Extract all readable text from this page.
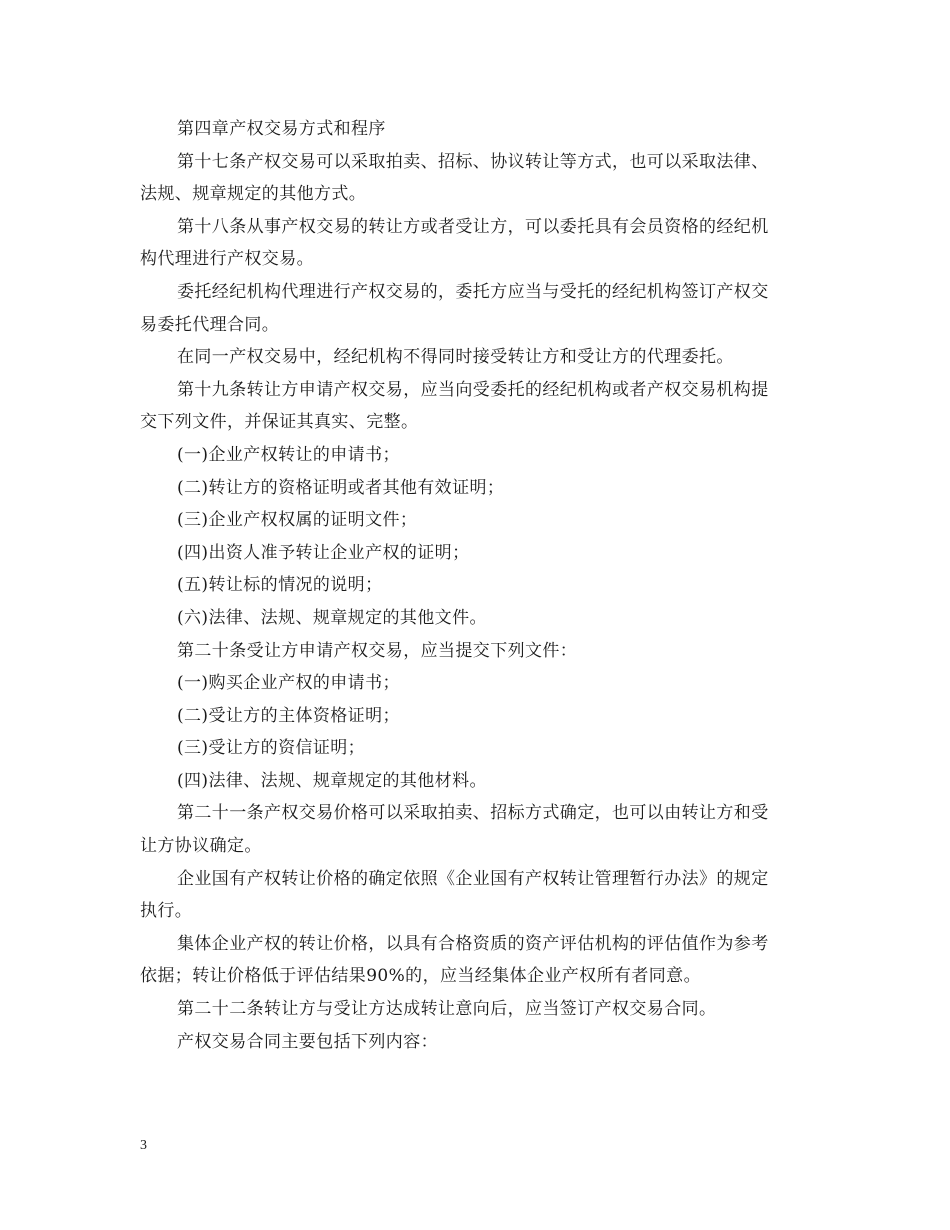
第四章产权交易方式和程序
第十七条产权交易可以采取拍卖、招标、协议转让等方式，也可以采取法律、
法规、规章规定的其他方式。
第十八条从事产权交易的转让方或者受让方，可以委托具有会员资格的经纪机
构代理进行产权交易。
委托经纪机构代理进行产权交易的，委托方应当与受托的经纪机构签订产权交
易委托代理合同。
在同一产权交易中，经纪机构不得同时接受转让方和受让方的代理委托。
第十九条转让方申请产权交易，应当向受委托的经纪机构或者产权交易机构提
交下列文件，并保证其真实、完整。
(一)企业产权转让的申请书；
(二)转让方的资格证明或者其他有效证明；
(三)企业产权权属的证明文件；
(四)出资人准予转让企业产权的证明；
(五)转让标的情况的说明；
(六)法律、法规、规章规定的其他文件。
第二十条受让方申请产权交易，应当提交下列文件：
(一)购买企业产权的申请书；
(二)受让方的主体资格证明；
(三)受让方的资信证明；
(四)法律、法规、规章规定的其他材料。
第二十一条产权交易价格可以采取拍卖、招标方式确定，也可以由转让方和受
让方协议确定。
企业国有产权转让价格的确定依照《企业国有产权转让管理暂行办法》的规定
执行。
集体企业产权的转让价格，以具有合格资质的资产评估机构的评估值作为参考
依据；转让价格低于评估结果90%的，应当经集体企业产权所有者同意。
第二十二条转让方与受让方达成转让意向后，应当签订产权交易合同。
产权交易合同主要包括下列内容：
3
